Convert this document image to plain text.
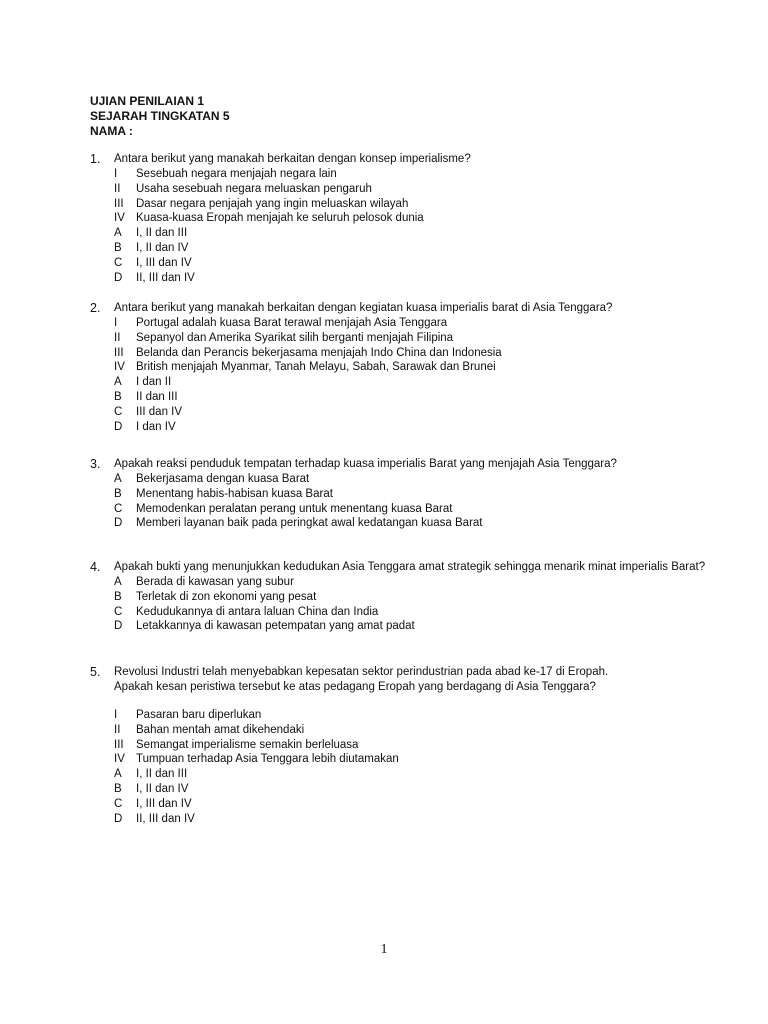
UJIAN PENILAIAN 1
SEJARAH TINGKATAN 5
NAMA :
1. Antara berikut yang manakah berkaitan dengan konsep imperialisme?
I Sesebuah negara menjajah negara lain
II Usaha sesebuah negara meluaskan pengaruh
III Dasar negara penjajah yang ingin meluaskan wilayah
IV Kuasa-kuasa Eropah menjajah ke seluruh pelosok dunia
A I, II dan III
B I, II dan IV
C I, III dan IV
D II, III dan IV
2. Antara berikut yang manakah berkaitan dengan kegiatan kuasa imperialis barat di Asia Tenggara?
I Portugal adalah kuasa Barat terawal menjajah Asia Tenggara
II Sepanyol dan Amerika Syarikat silih berganti menjajah Filipina
III Belanda dan Perancis bekerjasama menjajah Indo China dan Indonesia
IV British menjajah Myanmar, Tanah Melayu, Sabah, Sarawak dan Brunei
A I dan II
B II dan III
C III dan IV
D I dan IV
3. Apakah reaksi penduduk tempatan terhadap kuasa imperialis Barat yang menjajah Asia Tenggara?
A Bekerjasama dengan kuasa Barat
B Menentang habis-habisan kuasa Barat
C Memodenkan peralatan perang untuk menentang kuasa Barat
D Memberi layanan baik pada peringkat awal kedatangan kuasa Barat
4. Apakah bukti yang menunjukkan kedudukan Asia Tenggara amat strategik sehingga menarik minat imperialis Barat?
A Berada di kawasan yang subur
B Terletak di zon ekonomi yang pesat
C Kedudukannya di antara laluan China dan India
D Letakkannya di kawasan petempatan yang amat padat
5. Revolusi Industri telah menyebabkan kepesatan sektor perindustrian pada abad ke-17 di Eropah.
Apakah kesan peristiwa tersebut ke atas pedagang Eropah yang berdagang di Asia Tenggara?
I Pasaran baru diperlukan
II Bahan mentah amat dikehendaki
III Semangat imperialisme semakin berleluasa
IV Tumpuan terhadap Asia Tenggara lebih diutamakan
A I, II dan III
B I, II dan IV
C I, III dan IV
D II, III dan IV
1
